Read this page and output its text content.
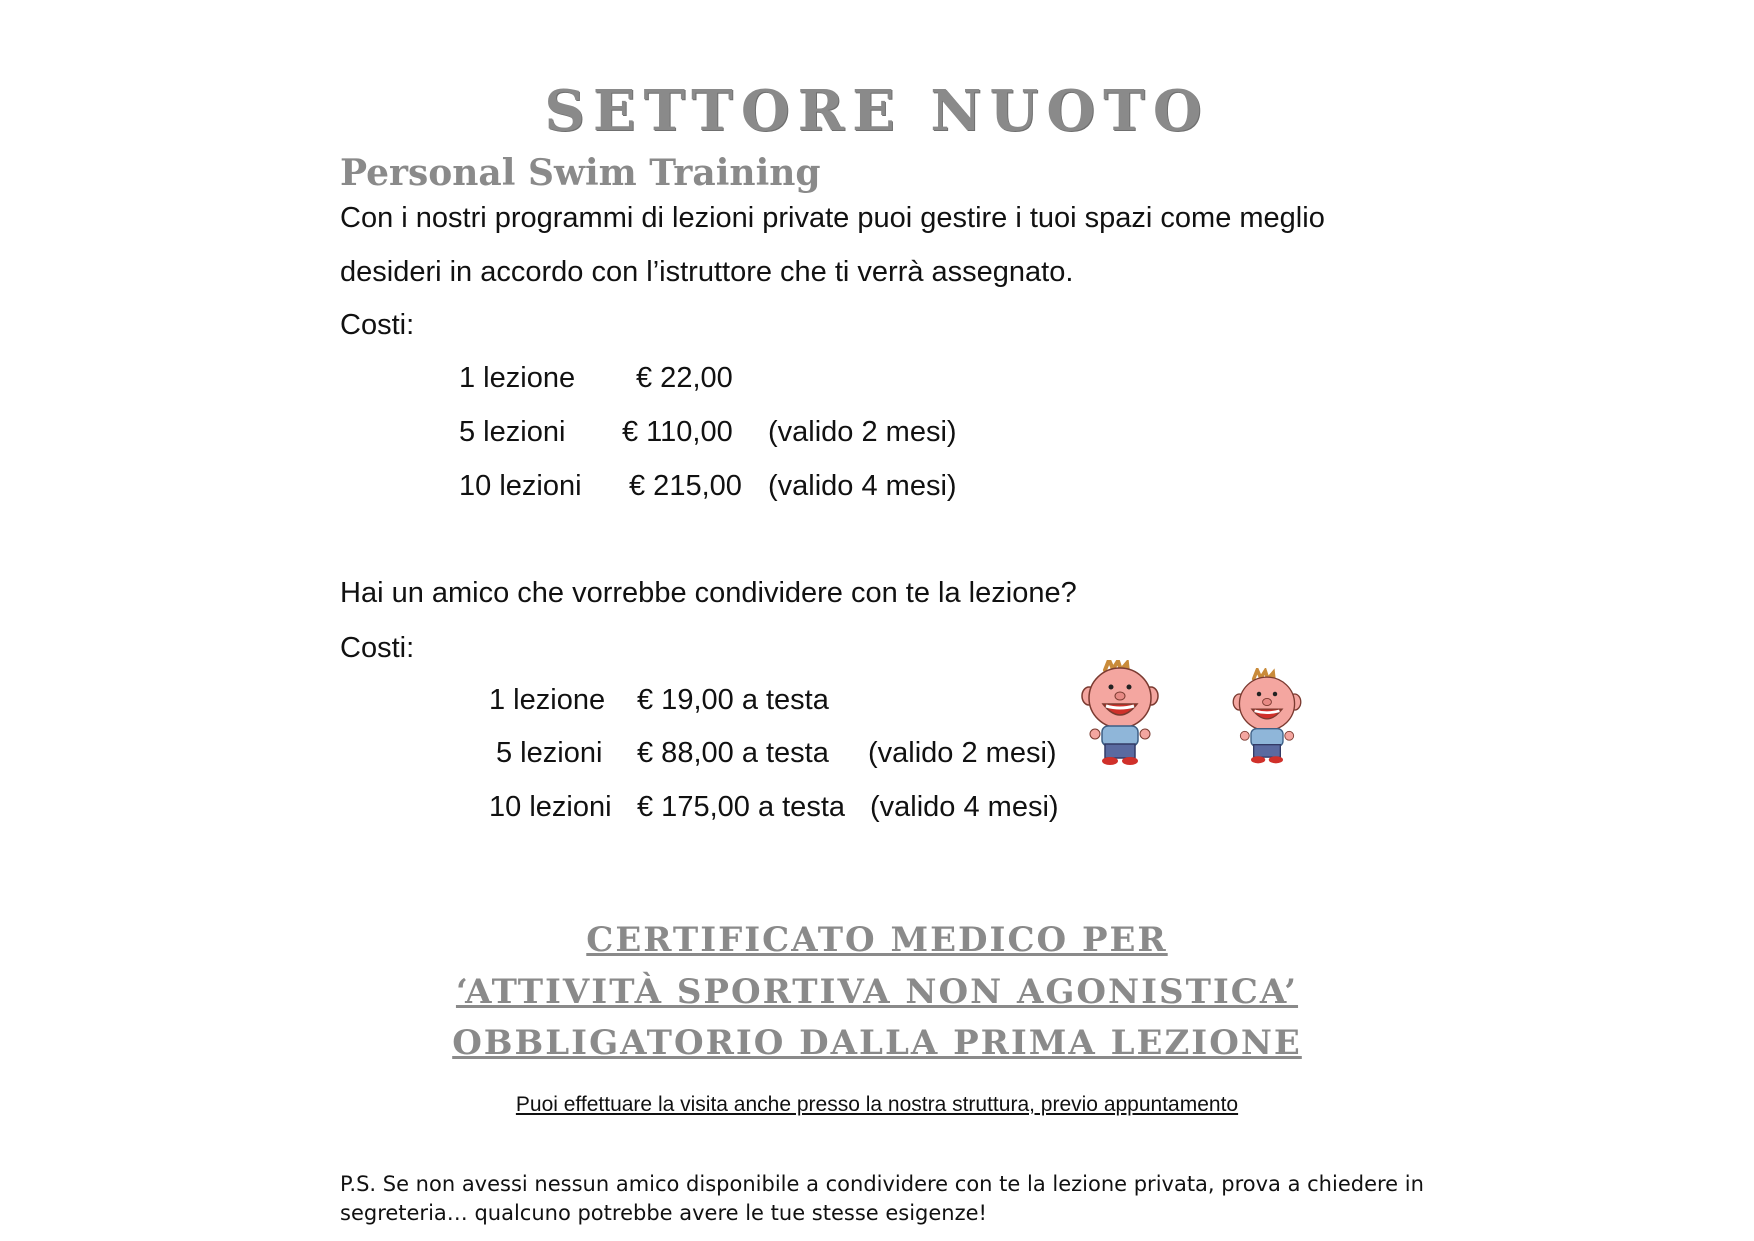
SETTORE NUOTO
Personal Swim Training
Con i nostri programmi di lezioni private puoi gestire i tuoi spazi come meglio
desideri in accordo con l’istruttore che ti verrà assegnato.
Costi:
1 lezione € 22,00
5 lezioni € 110,00 (valido 2 mesi)
10 lezioni € 215,00 (valido 4 mesi)
Hai un amico che vorrebbe condividere con te la lezione?
Costi:
1 lezione € 19,00 a testa
5 lezioni € 88,00 a testa (valido 2 mesi)
10 lezioni € 175,00 a testa (valido 4 mesi)
CERTIFICATO MEDICO PER
‘ATTIVITÀ SPORTIVA NON AGONISTICA’
OBBLIGATORIO DALLA PRIMA LEZIONE
Puoi effettuare la visita anche presso la nostra struttura, previo appuntamento
P.S. Se non avessi nessun amico disponibile a condividere con te la lezione privata, prova a chiedere in segreteria… qualcuno potrebbe avere le tue stesse esigenze!
